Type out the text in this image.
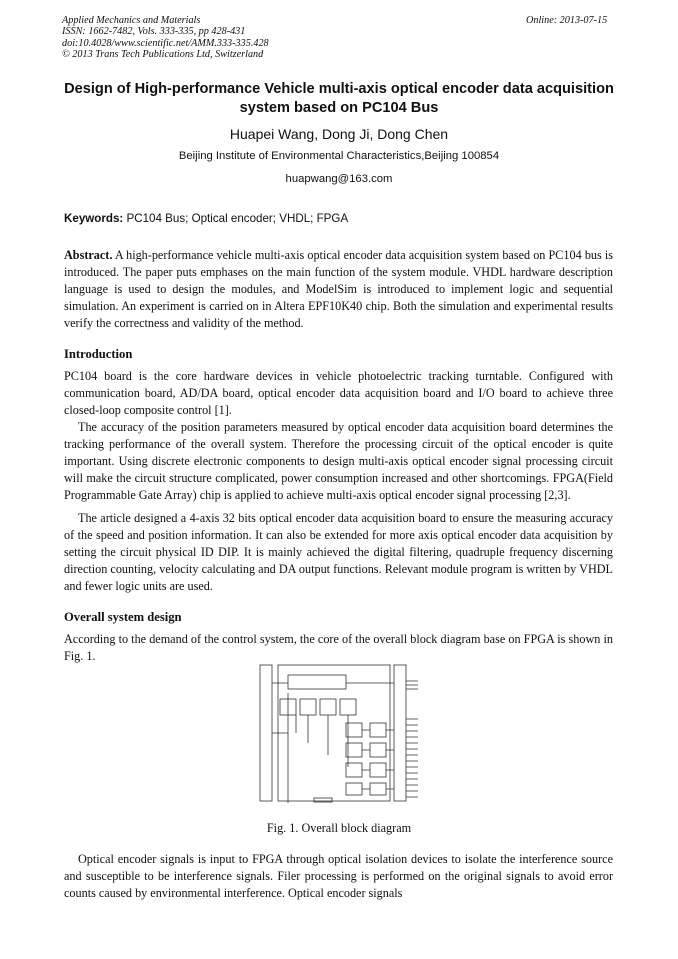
Applied Mechanics and Materials
ISSN: 1662-7482, Vols. 333-335, pp 428-431
doi:10.4028/www.scientific.net/AMM.333-335.428
© 2013 Trans Tech Publications Ltd, Switzerland
Online: 2013-07-15
Design of High-performance Vehicle multi-axis optical encoder data acquisition system based on PC104 Bus
Huapei Wang, Dong Ji, Dong Chen
Beijing Institute of Environmental Characteristics,Beijing 100854
huapwang@163.com
Keywords: PC104 Bus; Optical encoder; VHDL; FPGA

Abstract. A high-performance vehicle multi-axis optical encoder data acquisition system based on PC104 bus is introduced. The paper puts emphases on the main function of the system module. VHDL hardware description language is used to design the modules, and ModelSim is introduced to implement logic and sequential simulation. An experiment is carried on in Altera EPF10K40 chip. Both the simulation and experimental results verify the correctness and validity of the method.

Introduction

PC104 board is the core hardware devices in vehicle photoelectric tracking turntable. Configured with communication board, AD/DA board, optical encoder data acquisition board and I/O board to achieve three closed-loop composite control [1].

The accuracy of the position parameters measured by optical encoder data acquisition board determines the tracking performance of the overall system. Therefore the processing circuit of the optical encoder is quite important. Using discrete electronic components to design multi-axis optical encoder signal processing circuit will make the circuit structure complicated, power consumption increased and other shortcomings. FPGA(Field Programmable Gate Array) chip is applied to achieve multi-axis optical encoder signal processing [2,3].

The article designed a 4-axis 32 bits optical encoder data acquisition board to ensure the measuring accuracy of the speed and position information. It can also be extended for more axis optical encoder data acquisition by setting the circuit physical ID DIP. It is mainly achieved the digital filtering, quadruple frequency discerning direction counting, velocity calculating and DA output functions. Relevant module program is written by VHDL and fewer logic units are used.

Overall system design

According to the demand of the control system, the core of the overall block diagram base on FPGA is shown in Fig. 1.

Fig. 1. Overall block diagram

Optical encoder signals is input to FPGA through optical isolation devices to isolate the interference source and susceptible to be interference signals. Filer processing is performed on the original signals to avoid error counts caused by environmental interference. Optical encoder signals
